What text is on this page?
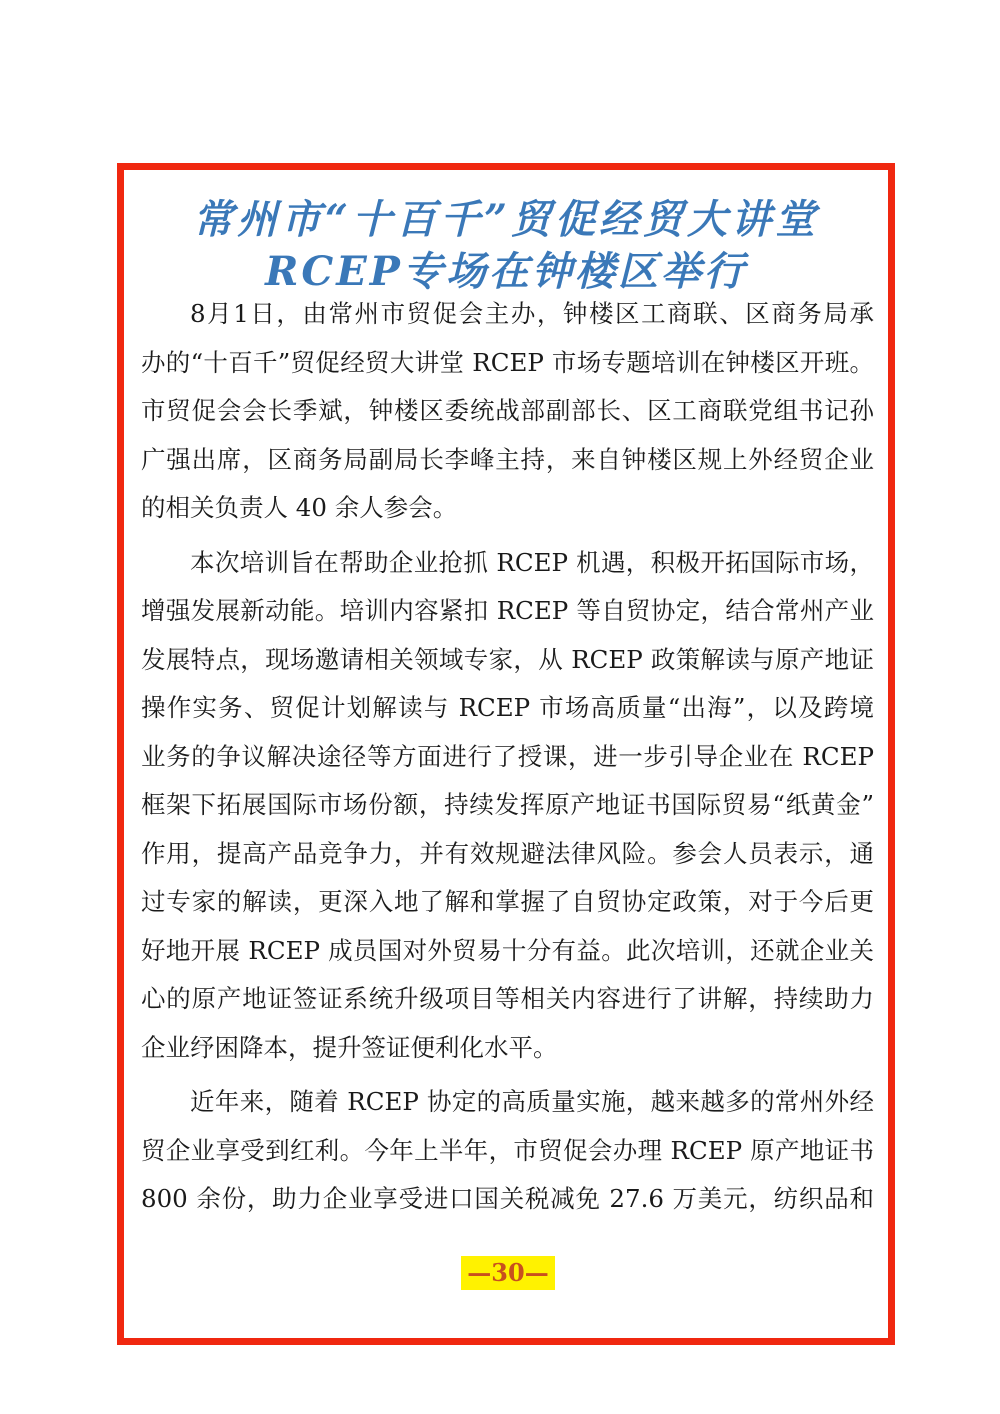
常州市“十百千”贸促经贸大讲堂
RCEP专场在钟楼区举行
8月1日，由常州市贸促会主办，钟楼区工商联、区商务局承
办的“十百千”贸促经贸大讲堂 RCEP 市场专题培训在钟楼区开班。
市贸促会会长季斌，钟楼区委统战部副部长、区工商联党组书记孙
广强出席，区商务局副局长李峰主持，来自钟楼区规上外经贸企业
的相关负责人 40 余人参会。
本次培训旨在帮助企业抢抓 RCEP 机遇，积极开拓国际市场，
增强发展新动能。培训内容紧扣 RCEP 等自贸协定，结合常州产业
发展特点，现场邀请相关领域专家，从 RCEP 政策解读与原产地证
操作实务、贸促计划解读与 RCEP 市场高质量“出海”，以及跨境
业务的争议解决途径等方面进行了授课，进一步引导企业在 RCEP
框架下拓展国际市场份额，持续发挥原产地证书国际贸易“纸黄金”
作用，提高产品竞争力，并有效规避法律风险。参会人员表示，通
过专家的解读，更深入地了解和掌握了自贸协定政策，对于今后更
好地开展 RCEP 成员国对外贸易十分有益。此次培训，还就企业关
心的原产地证签证系统升级项目等相关内容进行了讲解，持续助力
企业纾困降本，提升签证便利化水平。
近年来，随着 RCEP 协定的高质量实施，越来越多的常州外经
贸企业享受到红利。今年上半年，市贸促会办理 RCEP 原产地证书
800 余份，助力企业享受进口国关税减免 27.6 万美元，纺织品和
—30—
